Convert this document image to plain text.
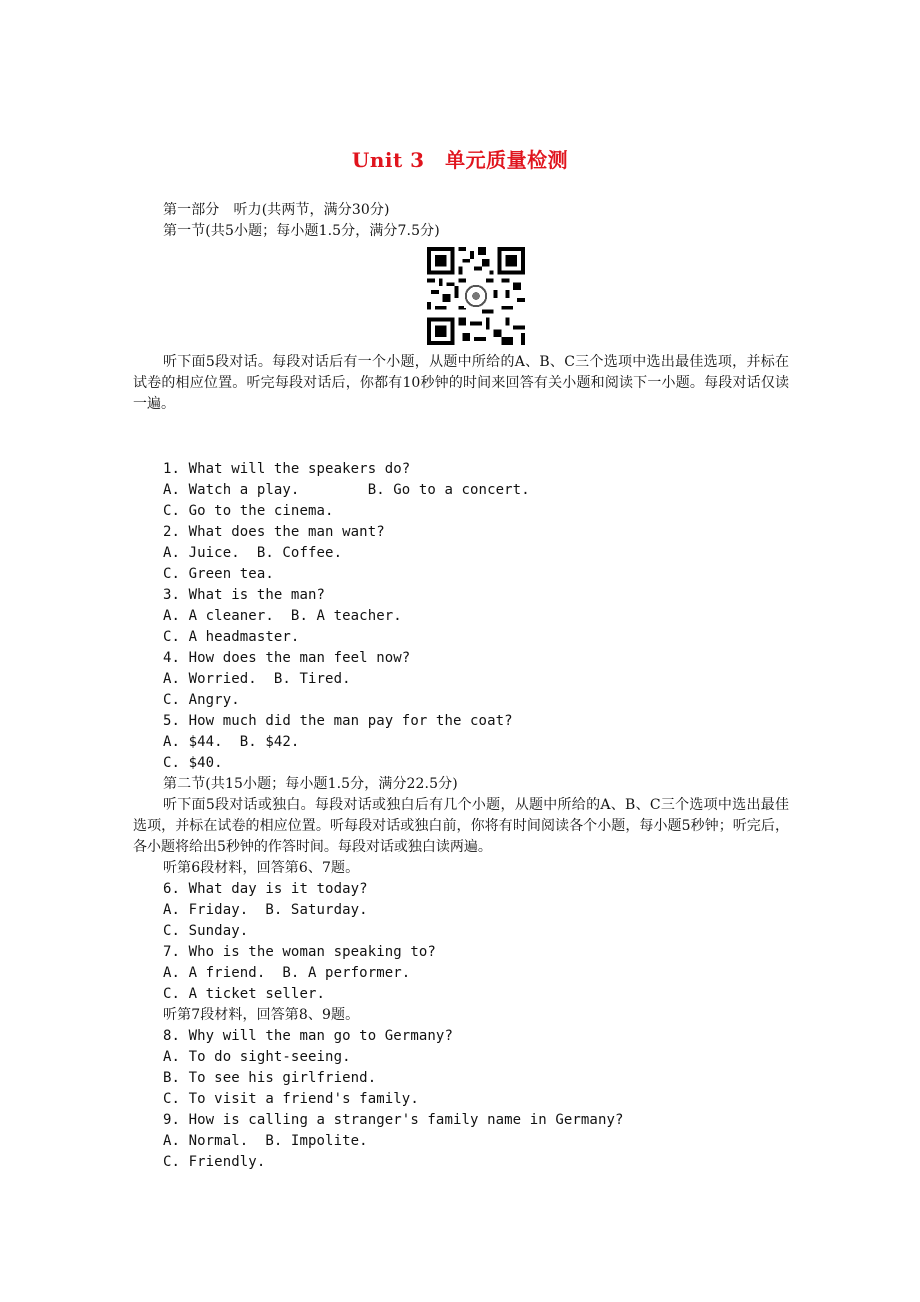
Unit 3　单元质量检测
第一部分　听力(共两节，满分30分)
第一节(共5小题；每小题1.5分，满分7.5分)
听下面5段对话。每段对话后有一个小题，从题中所给的A、B、C三个选项中选出最佳选项，并标在试卷的相应位置。听完每段对话后，你都有10秒钟的时间来回答有关小题和阅读下一小题。每段对话仅读一遍。
1. What will the speakers do?
A. Watch a play.        B. Go to a concert.
C. Go to the cinema.
2. What does the man want?
A. Juice.  B. Coffee.
C. Green tea.
3. What is the man?
A. A cleaner.  B. A teacher.
C. A headmaster.
4. How does the man feel now?
A. Worried.  B. Tired.
C. Angry.
5. How much did the man pay for the coat?
A. $44.  B. $42.
C. $40.
第二节(共15小题；每小题1.5分，满分22.5分)
听下面5段对话或独白。每段对话或独白后有几个小题，从题中所给的A、B、C三个选项中选出最佳选项，并标在试卷的相应位置。听每段对话或独白前，你将有时间阅读各个小题，每小题5秒钟；听完后，各小题将给出5秒钟的作答时间。每段对话或独白读两遍。
听第6段材料，回答第6、7题。
6. What day is it today?
A. Friday.  B. Saturday.
C. Sunday.
7. Who is the woman speaking to?
A. A friend.  B. A performer.
C. A ticket seller.
听第7段材料，回答第8、9题。
8. Why will the man go to Germany?
A. To do sight-seeing.
B. To see his girlfriend.
C. To visit a friend's family.
9. How is calling a stranger's family name in Germany?
A. Normal.  B. Impolite.
C. Friendly.
